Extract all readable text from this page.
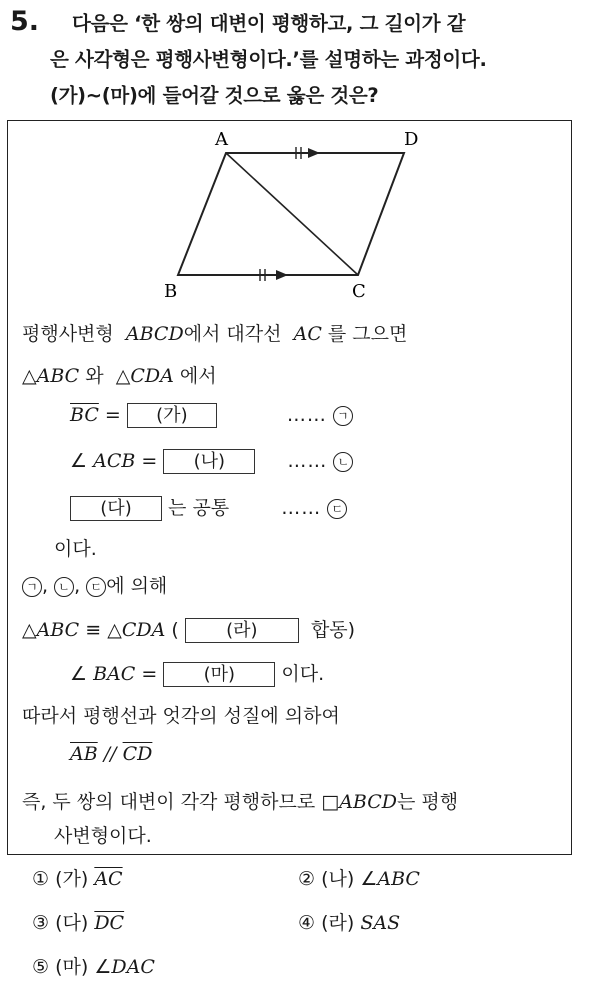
5. 다음은 ‘한 쌍의 대변이 평행하고, 그 길이가 같
은 사각형은 평행사변형이다.’를 설명하는 과정이다.
(가)~(마)에 들어갈 것으로 옳은 것은?
A	D
B	C
평행사변형 ABCD에서 대각선 AC 를 그으면
△ABC 와 △CDA 에서
$\overline{BC}$ = (가)	…… ㄱ
∠ ACB = (나)	…… ㄴ
(다) 는 공통	…… ㄷ
이다.
ㄱ , ㄴ , ㄷ 에 의해
△ABC ≡ △CDA (	(라)	합동)
∠ BAC =	(마) 이다.
따라서 평행선과 엇각의 성질에 의하여
$\overline{AB} // \overline{CD}$
즉, 두 쌍의 대변이 각각 평행하므로 □ABCD는 평행
사변형이다.
① (가) $\overline{AC}$	② (나) ∠ABC
③ (다) $\overline{DC}$	④ (라) SAS
⑤ (마) ∠DAC
